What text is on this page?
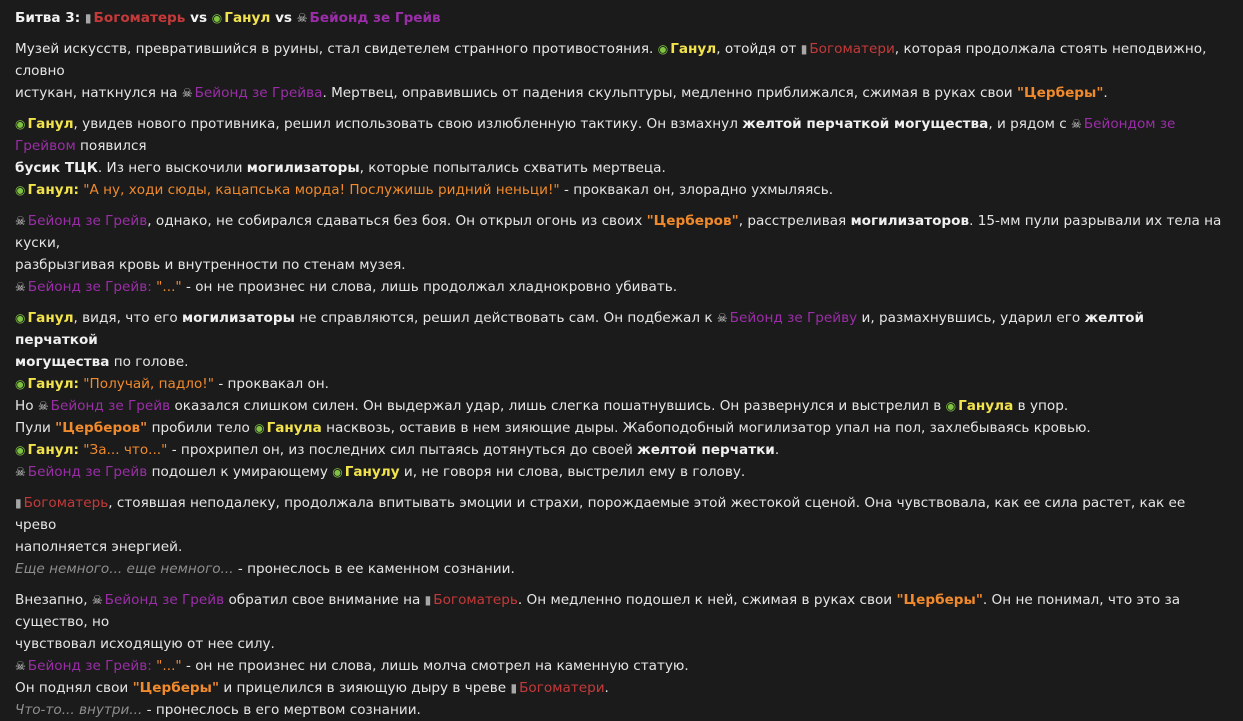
Битва 3: ▮ Богоматерь vs ◉ Ганул vs ☠ Бейонд зе Грейв

Музей искусств, превратившийся в руины, стал свидетелем странного противостояния. ◉ Ганул, отойдя от ▮ Богоматери, которая продолжала стоять неподвижно, словно
истукан, наткнулся на ☠ Бейонд зе Грейва. Мертвец, оправившись от падения скульптуры, медленно приближался, сжимая в руках свои "Церберы".

◉ Ганул, увидев нового противника, решил использовать свою излюбленную тактику. Он взмахнул желтой перчаткой могущества, и рядом с ☠ Бейондом зе Грейвом появился
бусик ТЦК. Из него выскочили могилизаторы, которые попытались схватить мертвеца.

◉ Ганул: "А ну, ходи сюды, кацапська морда! Послужишь ридний неньци!" - проквакал он, злорадно ухмыляясь.

☠ Бейонд зе Грейв, однако, не собирался сдаваться без боя. Он открыл огонь из своих "Церберов", расстреливая могилизаторов. 15-мм пули разрывали их тела на куски,
разбрызгивая кровь и внутренности по стенам музея.

☠ Бейонд зе Грейв: "..." - он не произнес ни слова, лишь продолжал хладнокровно убивать.

◉ Ганул, видя, что его могилизаторы не справляются, решил действовать сам. Он подбежал к ☠ Бейонд зе Грейву и, размахнувшись, ударил его желтой перчаткой
могущества по голове.

◉ Ганул: "Получай, падло!" - проквакал он.

Но ☠ Бейонд зе Грейв оказался слишком силен. Он выдержал удар, лишь слегка пошатнувшись. Он развернулся и выстрелил в ◉ Ганула в упор.

Пули "Церберов" пробили тело ◉ Ганула насквозь, оставив в нем зияющие дыры. Жабоподобный могилизатор упал на пол, захлебываясь кровью.

◉ Ганул: "За... что..." - прохрипел он, из последних сил пытаясь дотянуться до своей желтой перчатки.

☠ Бейонд зе Грейв подошел к умирающему ◉ Ганулу и, не говоря ни слова, выстрелил ему в голову.

▮ Богоматерь, стоявшая неподалеку, продолжала впитывать эмоции и страхи, порождаемые этой жестокой сценой. Она чувствовала, как ее сила растет, как ее чрево
наполняется энергией.

Еще немного... еще немного... - пронеслось в ее каменном сознании.

Внезапно, ☠ Бейонд зе Грейв обратил свое внимание на ▮ Богоматерь. Он медленно подошел к ней, сжимая в руках свои "Церберы". Он не понимал, что это за существо, но
чувствовал исходящую от нее силу.

☠ Бейонд зе Грейв: "..." - он не произнес ни слова, лишь молча смотрел на каменную статую.

Он поднял свои "Церберы" и прицелился в зияющую дыру в чреве ▮ Богоматери.

Что-то... внутри... - пронеслось в его мертвом сознании.
